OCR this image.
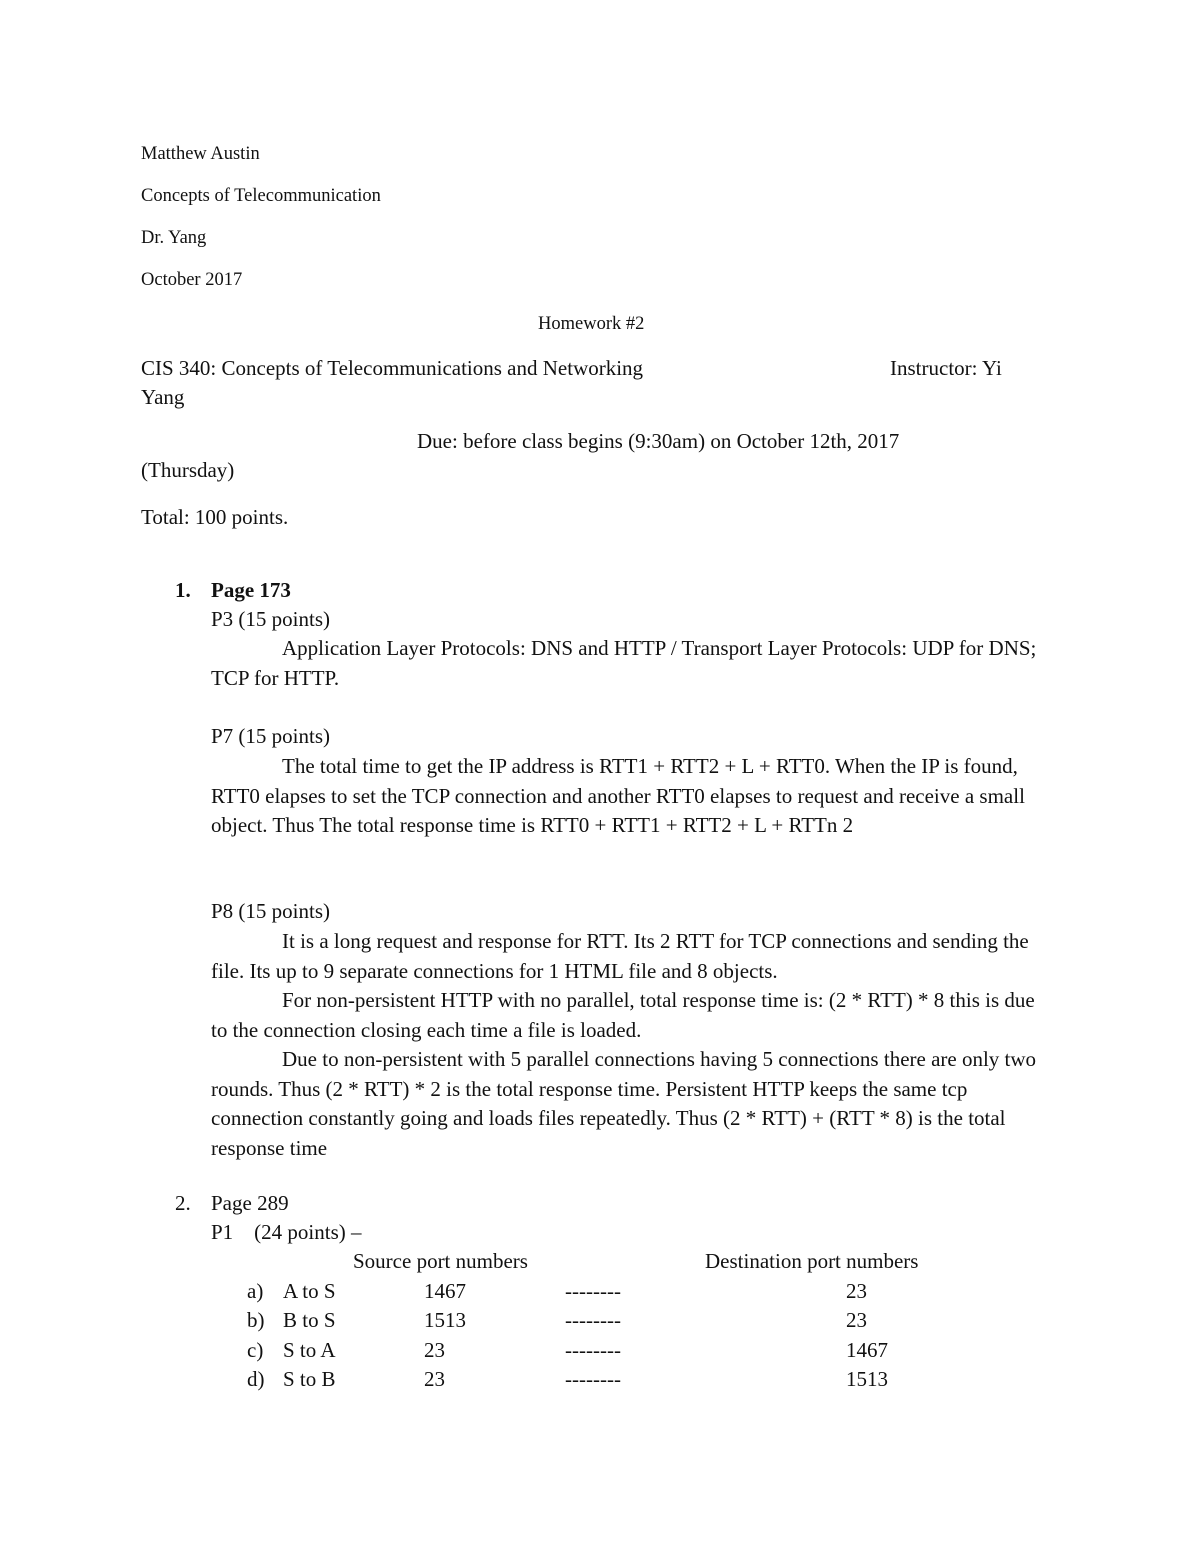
Matthew Austin
Concepts of Telecommunication
Dr. Yang
October 2017
Homework #2
CIS 340: Concepts of Telecommunications and Networking	Instructor: Yi
Yang
Due: before class begins (9:30am) on October 12th, 2017
(Thursday)
Total: 100 points.
1. Page 173
P3 (15 points)

Application Layer Protocols: DNS and HTTP / Transport Layer Protocols: UDP for DNS; TCP for HTTP.

P7 (15 points)

The total time to get the IP address is RTT1 + RTT2 + L + RTT0. When the IP is found, RTT0 elapses to set the TCP connection and another RTT0 elapses to request and receive a small object. Thus The total response time is RTT0 + RTT1 + RTT2 + L + RTTn 2

P8 (15 points)

It is a long request and response for RTT. Its 2 RTT for TCP connections and sending the file. Its up to 9 separate connections for 1 HTML file and 8 objects.

For non-persistent HTTP with no parallel, total response time is: (2 * RTT) * 8 this is due to the connection closing each time a file is loaded.

Due to non-persistent with 5 parallel connections having 5 connections there are only two rounds. Thus (2 * RTT) * 2 is the total response time. Persistent HTTP keeps the same tcp connection constantly going and loads files repeatedly. Thus (2 * RTT) + (RTT * 8) is the total response time

2. Page 289
P1    (24 points) –
Source port numbers	Destination port numbers
a) A to S	1467	--------	23
b) B to S	1513	--------	23
c) S to A	23	--------	1467
d) S to B	23	--------	1513
